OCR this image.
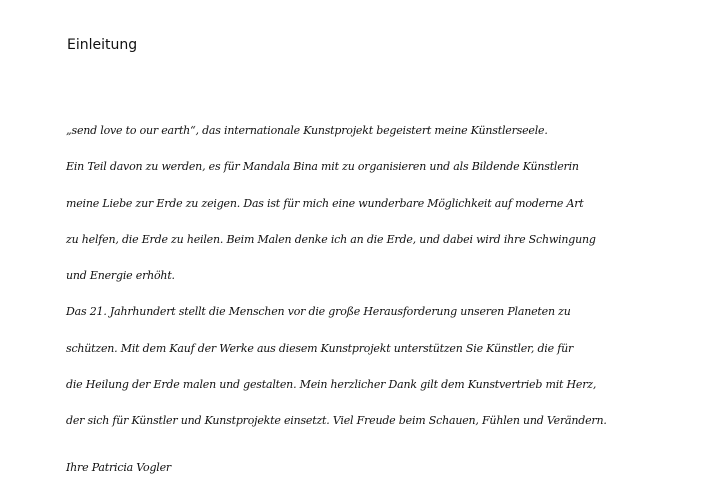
Einleitung
„send love to our earth“, das internationale Kunstprojekt begeistert meine Künstlerseele.
Ein Teil davon zu werden, es für Mandala Bina mit zu organisieren und als Bildende Künstlerin
meine Liebe zur Erde zu zeigen. Das ist für mich eine wunderbare Möglichkeit auf moderne Art
zu helfen, die Erde zu heilen. Beim Malen denke ich an die Erde, und dabei wird ihre Schwingung
und Energie erhöht.
Das 21. Jahrhundert stellt die Menschen vor die große Herausforderung unseren Planeten zu
schützen. Mit dem Kauf der Werke aus diesem Kunstprojekt unterstützen Sie Künstler, die für
die Heilung der Erde malen und gestalten. Mein herzlicher Dank gilt dem Kunstvertrieb mit Herz,
der sich für Künstler und Kunstprojekte einsetzt. Viel Freude beim Schauen, Fühlen und Verändern.

Ihre Patricia Vogler
